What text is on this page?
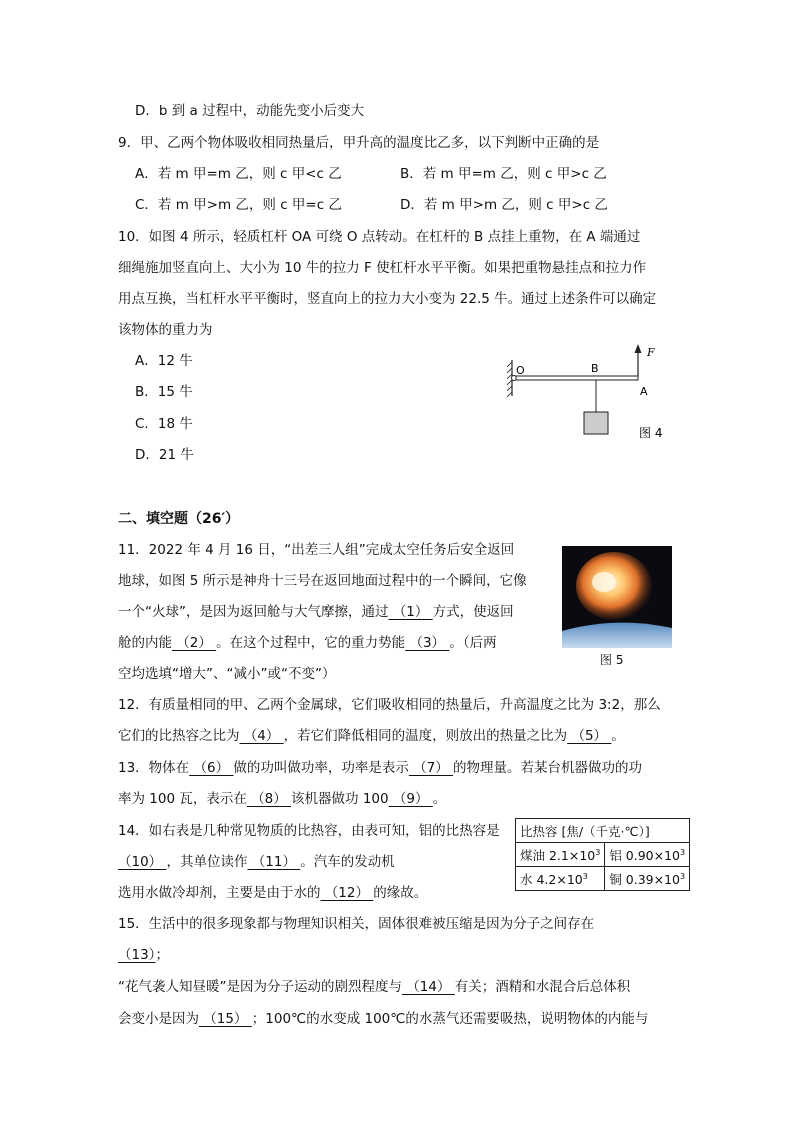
D．b 到 a 过程中，动能先变小后变大
9．甲、乙两个物体吸收相同热量后，甲升高的温度比乙多，以下判断中正确的是
A．若 m 甲=m 乙，则 c 甲<c 乙	B．若 m 甲=m 乙，则 c 甲>c 乙
C．若 m 甲>m 乙，则 c 甲=c 乙	D．若 m 甲>m 乙，则 c 甲>c 乙
10．如图 4 所示，轻质杠杆 OA 可绕 O 点转动。在杠杆的 B 点挂上重物，在 A 端通过
细绳施加竖直向上、大小为 10 牛的拉力 F 使杠杆水平平衡。如果把重物悬挂点和拉力作
用点互换，当杠杆水平平衡时，竖直向上的拉力大小变为 22.5 牛。通过上述条件可以确定
该物体的重力为
A．12 牛
B．15 牛
C．18 牛
D．21 牛
O	B
A
F
图 4
二、填空题（26′）
11．2022 年 4 月 16 日，“出差三人组”完成太空任务后安全返回
地球，如图 5 所示是神舟十三号在返回地面过程中的一个瞬间，它像
一个“火球”，是因为返回舱与大气摩擦，通过 （1） 方式，使返回
舱的内能 （2） 。在这个过程中，它的重力势能 （3） 。（后两
空均选填“增大”、“减小”或“不变”）
图 5
12．有质量相同的甲、乙两个金属球，它们吸收相同的热量后，升高温度之比为 3:2，那么
它们的比热容之比为 （4） ，若它们降低相同的温度，则放出的热量之比为 （5） 。
13．物体在 （6） 做的功叫做功率，功率是表示 （7） 的物理量。若某台机器做功的功
率为 100 瓦，表示在 （8） 该机器做功 100 （9） 。
14．如右表是几种常见物质的比热容，由表可知，铝的比热容是
（10） ，其单位读作 （11） 。汽车的发动机
选用水做冷却剂，主要是由于水的 （12） 的缘故。
比热容 [焦/（千克·℃）]	
煤油 $2.1\times 10^3$	铝 $0.90\times 10^3$
水 $4.2\times 10^3$	铜 $0.39\times 10^3$
15．生活中的很多现象都与物理知识相关，固体很难被压缩是因为分子之间存在
（13）；
“花气袭人知昼暖”是因为分子运动的剧烈程度与 （14） 有关；酒精和水混合后总体积
会变小是因为 （15） ；100℃的水变成 100℃的水蒸气还需要吸热，说明物体的内能与
